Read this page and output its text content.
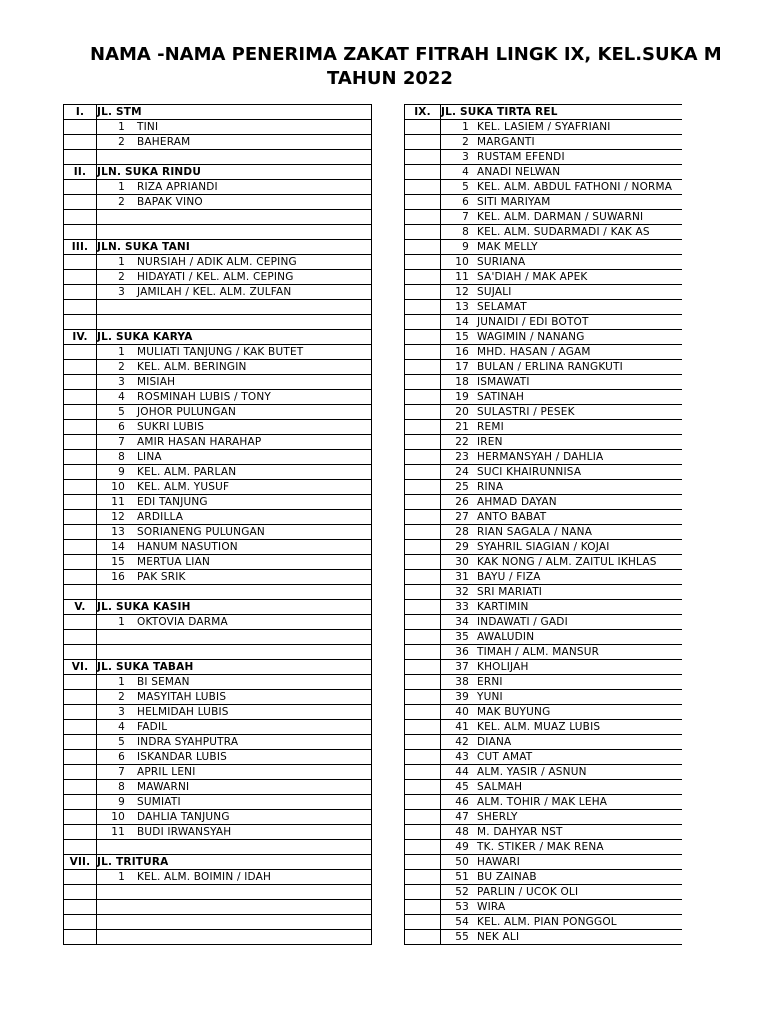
NAMA -NAMA PENERIMA ZAKAT FITRAH LINGK IX, KEL.SUKA M
TAHUN 2022
I.	JL. STM		IX.	JL. SUKA TIRTA REL
	1 TINI			1 KEL. LASIEM / SYAFRIANI
	2 BAHERAM			2 MARGANTI
				3 RUSTAM EFENDI
II.	JLN. SUKA RINDU			4 ANADI NELWAN
	1 RIZA APRIANDI			5 KEL. ALM. ABDUL FATHONI / NORMA
	2 BAPAK VINO			6 SITI MARIYAM
				7 KEL. ALM. DARMAN / SUWARNI
				8 KEL. ALM. SUDARMADI / KAK AS
III.	JLN. SUKA TANI			9 MAK MELLY
	1 NURSIAH / ADIK ALM. CEPING			10 SURIANA
	2 HIDAYATI / KEL. ALM. CEPING			11 SA'DIAH / MAK APEK
	3 JAMILAH / KEL. ALM. ZULFAN			12 SUJALI
				13 SELAMAT
				14 JUNAIDI / EDI BOTOT
IV.	JL. SUKA KARYA			15 WAGIMIN / NANANG
	1 MULIATI TANJUNG / KAK BUTET			16 MHD. HASAN / AGAM
	2 KEL. ALM. BERINGIN			17 BULAN / ERLINA RANGKUTI
	3 MISIAH			18 ISMAWATI
	4 ROSMINAH LUBIS / TONY			19 SATINAH
	5 JOHOR PULUNGAN			20 SULASTRI / PESEK
	6 SUKRI LUBIS			21 REMI
	7 AMIR HASAN HARAHAP			22 IREN
	8 LINA			23 HERMANSYAH / DAHLIA
	9 KEL. ALM. PARLAN			24 SUCI KHAIRUNNISA
	10 KEL. ALM. YUSUF			25 RINA
	11 EDI TANJUNG			26 AHMAD DAYAN
	12 ARDILLA			27 ANTO BABAT
	13 SORIANENG PULUNGAN			28 RIAN SAGALA / NANA
	14 HANUM NASUTION			29 SYAHRIL SIAGIAN / KOJAI
	15 MERTUA LIAN			30 KAK NONG / ALM. ZAITUL IKHLAS
	16 PAK SRIK			31 BAYU / FIZA
				32 SRI MARIATI
V.	JL. SUKA KASIH			33 KARTIMIN
	1 OKTOVIA DARMA			34 INDAWATI / GADI
				35 AWALUDIN
				36 TIMAH / ALM. MANSUR
VI.	JL. SUKA TABAH			37 KHOLIJAH
	1 BI SEMAN			38 ERNI
	2 MASYITAH LUBIS			39 YUNI
	3 HELMIDAH LUBIS			40 MAK BUYUNG
	4 FADIL			41 KEL. ALM. MUAZ LUBIS
	5 INDRA SYAHPUTRA			42 DIANA
	6 ISKANDAR LUBIS			43 CUT AMAT
	7 APRIL LENI			44 ALM. YASIR / ASNUN
	8 MAWARNI			45 SALMAH
	9 SUMIATI			46 ALM. TOHIR / MAK LEHA
	10 DAHLIA TANJUNG			47 SHERLY
	11 BUDI IRWANSYAH			48 M. DAHYAR NST
				49 TK. STIKER / MAK RENA
VII.	JL. TRITURA			50 HAWARI
	1 KEL. ALM. BOIMIN / IDAH			51 BU ZAINAB
				52 PARLIN / UCOK OLI
				53 WIRA
				54 KEL. ALM. PIAN PONGGOL
				55 NEK ALI
